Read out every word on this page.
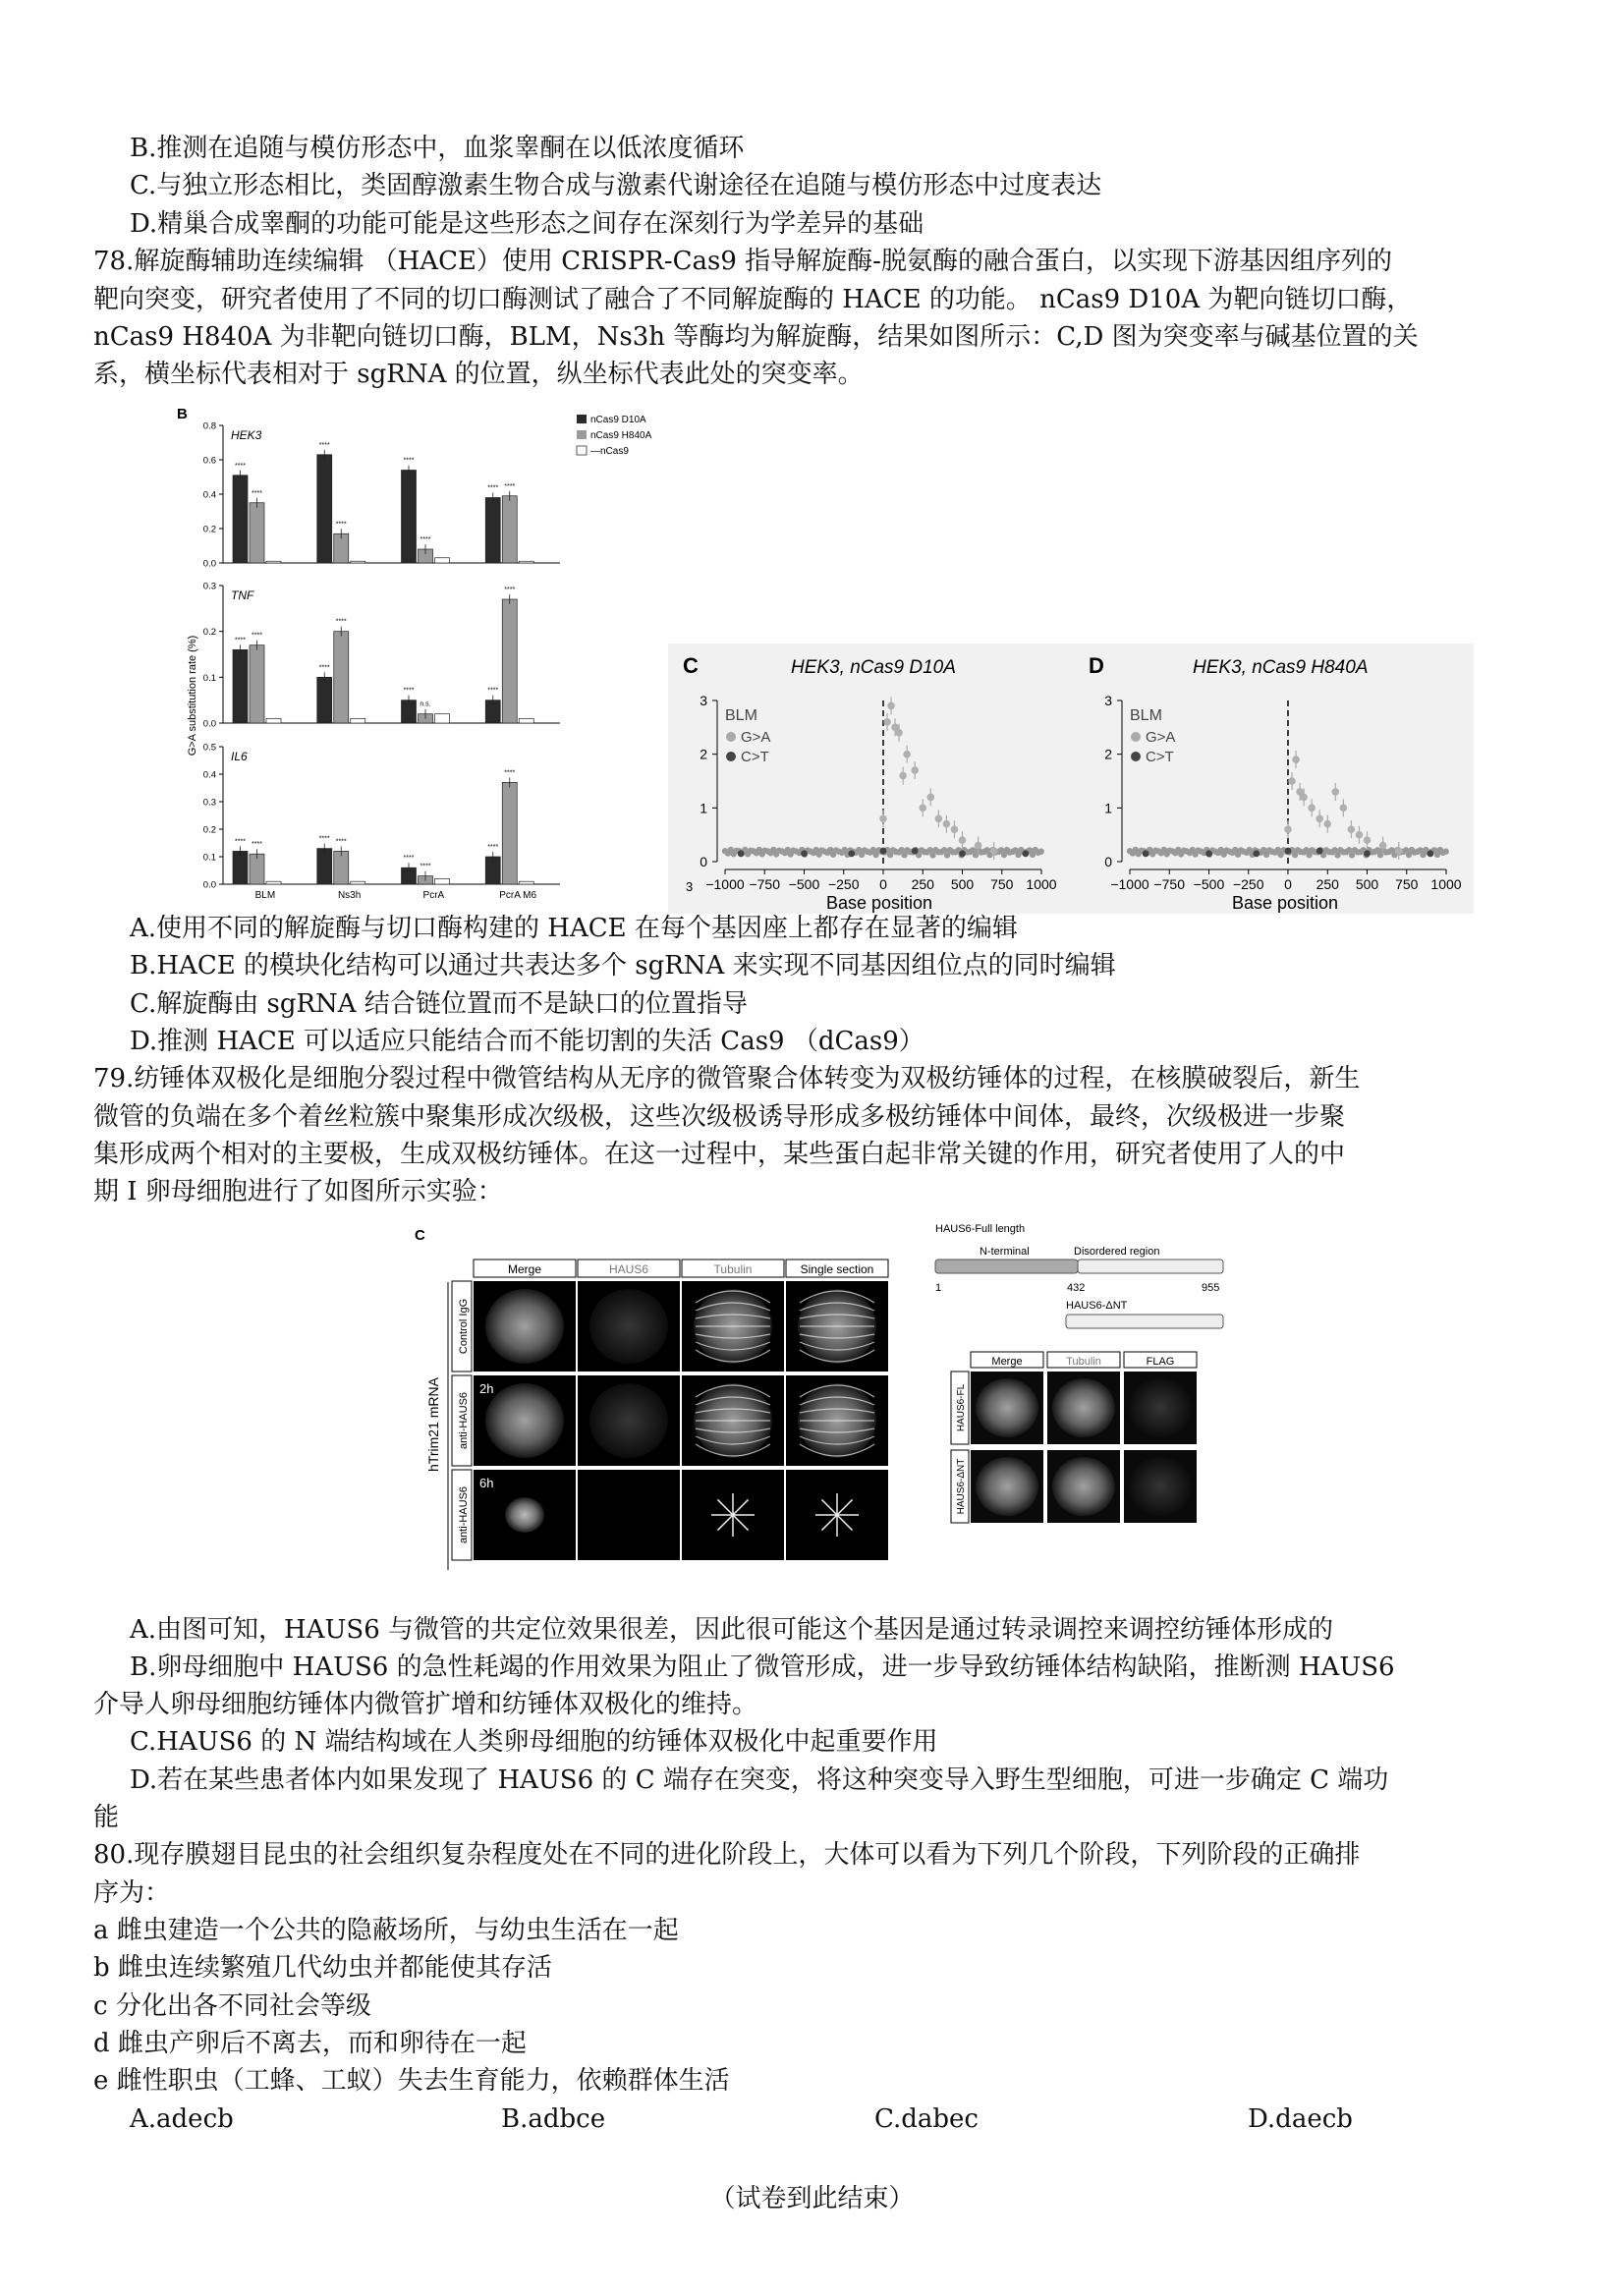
B.推测在追随与模仿形态中，血浆睾酮在以低浓度循环
C.与独立形态相比，类固醇激素生物合成与激素代谢途径在追随与模仿形态中过度表达
D.精巢合成睾酮的功能可能是这些形态之间存在深刻行为学差异的基础
78.解旋酶辅助连续编辑 （HACE）使用 CRISPR-Cas9 指导解旋酶-脱氨酶的融合蛋白，以实现下游基因组序列的
靶向突变，研究者使用了不同的切口酶测试了融合了不同解旋酶的 HACE 的功能。 nCas9 D10A 为靶向链切口酶，
nCas9 H840A 为非靶向链切口酶，BLM，Ns3h 等酶均为解旋酶，结果如图所示：C,D 图为突变率与碱基位置的关
系，横坐标代表相对于 sgRNA 的位置，纵坐标代表此处的突变率。
B
G>A substitution rate (%)
0.8
0.6
0.4
0.2
0.0
HEK3
****
****
****
****
****
****
**** ****
0.3
0.2
0.1
0.0
TNF
****
****
****
****
****
n.s.
****
****
0.5
0.4
0.3
0.2
0.1
0.0
IL6
**** ****
BLM
**** ****
Ns3h
****
****
PcrA
****
****
PcrA M6
nCas9 D10A
nCas9 H840A
—nCas9
C	HEK3, nCas9 D10A	D	HEK3, nCas9 H840A
3
2
1
0
−1000 −750 −500 −250 0 250 500 750 1000
3
2
1
0
−1000 −750 −500 −250 0 250 500 750 1000
Base position	Base position
3
BLM
G>A
C>T
BLM
G>A
C>T
A.使用不同的解旋酶与切口酶构建的 HACE 在每个基因座上都存在显著的编辑
B.HACE 的模块化结构可以通过共表达多个 sgRNA 来实现不同基因组位点的同时编辑
C.解旋酶由 sgRNA 结合链位置而不是缺口的位置指导
D.推测 HACE 可以适应只能结合而不能切割的失活 Cas9 （dCas9）
79.纺锤体双极化是细胞分裂过程中微管结构从无序的微管聚合体转变为双极纺锤体的过程，在核膜破裂后，新生
微管的负端在多个着丝粒簇中聚集形成次级极，这些次级极诱导形成多极纺锤体中间体，最终，次级极进一步聚
集形成两个相对的主要极，生成双极纺锤体。在这一过程中，某些蛋白起非常关键的作用，研究者使用了人的中
期 I 卵母细胞进行了如图所示实验：
C
Merge	HAUS6	Tubulin	Single section
hTrim21 mRNA
Control IgG
anti-HAUS6
anti-HAUS6
2h
6h
HAUS6-Full length
N-terminal	Disordered region
1	432	955
HAUS6-ΔNT
Merge	Tubulin	FLAG
HAUS6-FL
HAUS6-ΔNT
A.由图可知，HAUS6 与微管的共定位效果很差，因此很可能这个基因是通过转录调控来调控纺锤体形成的
B.卵母细胞中 HAUS6 的急性耗竭的作用效果为阻止了微管形成，进一步导致纺锤体结构缺陷，推断测 HAUS6
介导人卵母细胞纺锤体内微管扩增和纺锤体双极化的维持。
C.HAUS6 的 N 端结构域在人类卵母细胞的纺锤体双极化中起重要作用
D.若在某些患者体内如果发现了 HAUS6 的 C 端存在突变，将这种突变导入野生型细胞，可进一步确定 C 端功
能
80.现存膜翅目昆虫的社会组织复杂程度处在不同的进化阶段上，大体可以看为下列几个阶段，下列阶段的正确排
序为：
a 雌虫建造一个公共的隐蔽场所，与幼虫生活在一起
b 雌虫连续繁殖几代幼虫并都能使其存活
c 分化出各不同社会等级
d 雌虫产卵后不离去，而和卵待在一起
e 雌性职虫（工蜂、工蚁）失去生育能力，依赖群体生活
A.adecb	B.adbce	C.dabec	D.daecb
（试卷到此结束）
